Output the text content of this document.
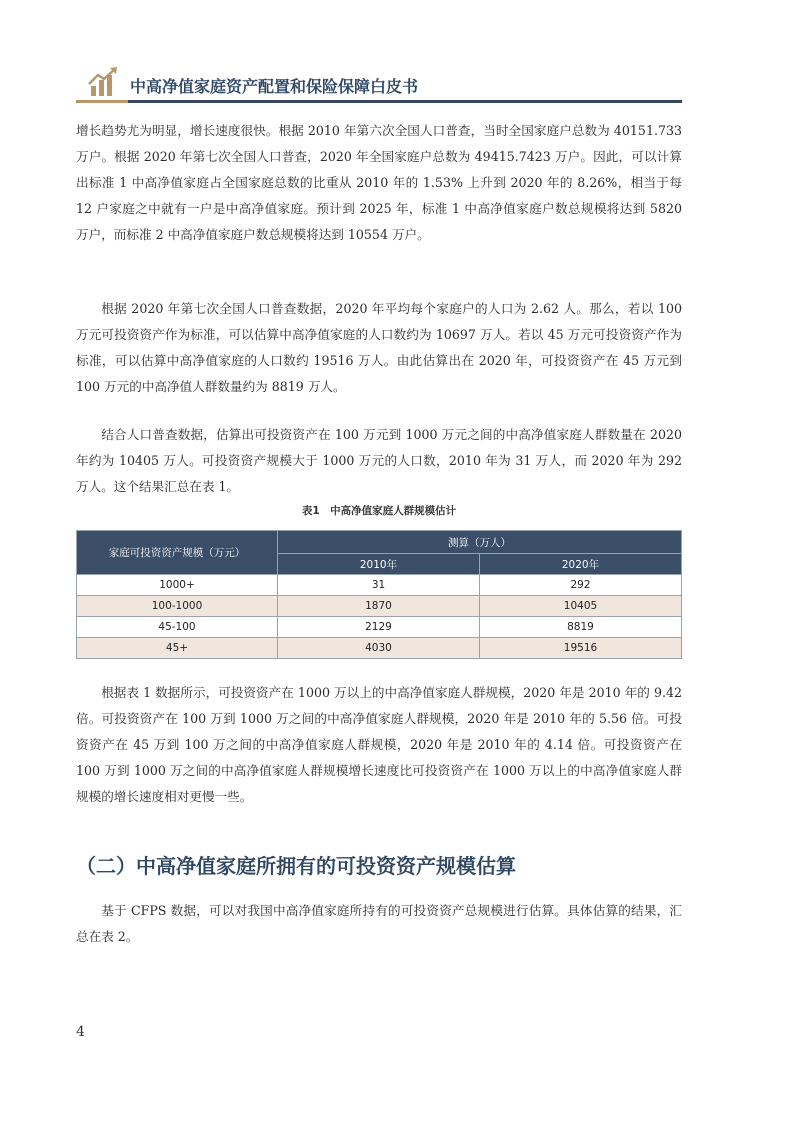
中高净值家庭资产配置和保险保障白皮书

增长趋势尤为明显，增长速度很快。根据 2010 年第六次全国人口普查，当时全国家庭户总数为 40151.733 万户。根据 2020 年第七次全国人口普查，2020 年全国家庭户总数为 49415.7423 万户。因此，可以计算出标准 1 中高净值家庭占全国家庭总数的比重从 2010 年的 1.53% 上升到 2020 年的 8.26%，相当于每 12 户家庭之中就有一户是中高净值家庭。预计到 2025 年，标准 1 中高净值家庭户数总规模将达到 5820 万户，而标准 2 中高净值家庭户数总规模将达到 10554 万户。

根据 2020 年第七次全国人口普查数据，2020 年平均每个家庭户的人口为 2.62 人。那么，若以 100 万元可投资资产作为标准，可以估算中高净值家庭的人口数约为 10697 万人。若以 45 万元可投资资产作为标准，可以估算中高净值家庭的人口数约 19516 万人。由此估算出在 2020 年，可投资资产在 45 万元到 100 万元的中高净值人群数量约为 8819 万人。

结合人口普查数据，估算出可投资资产在 100 万元到 1000 万元之间的中高净值家庭人群数量在 2020 年约为 10405 万人。可投资资产规模大于 1000 万元的人口数，2010 年为 31 万人，而 2020 年为 292 万人。这个结果汇总在表 1。

表1　中高净值家庭人群规模估计
家庭可投资资产规模（万元）	测算（万人）	
	2010年	2020年
1000+	31	292
100-1000	1870	10405
45-100	2129	8819
45+	4030	19516

根据表 1 数据所示，可投资资产在 1000 万以上的中高净值家庭人群规模，2020 年是 2010 年的 9.42 倍。可投资资产在 100 万到 1000 万之间的中高净值家庭人群规模，2020 年是 2010 年的 5.56 倍。可投资资产在 45 万到 100 万之间的中高净值家庭人群规模，2020 年是 2010 年的 4.14 倍。可投资资产在 100 万到 1000 万之间的中高净值家庭人群规模增长速度比可投资资产在 1000 万以上的中高净值家庭人群规模的增长速度相对更慢一些。

（二）中高净值家庭所拥有的可投资资产规模估算

基于 CFPS 数据，可以对我国中高净值家庭所持有的可投资资产总规模进行估算。具体估算的结果，汇总在表 2。

4
